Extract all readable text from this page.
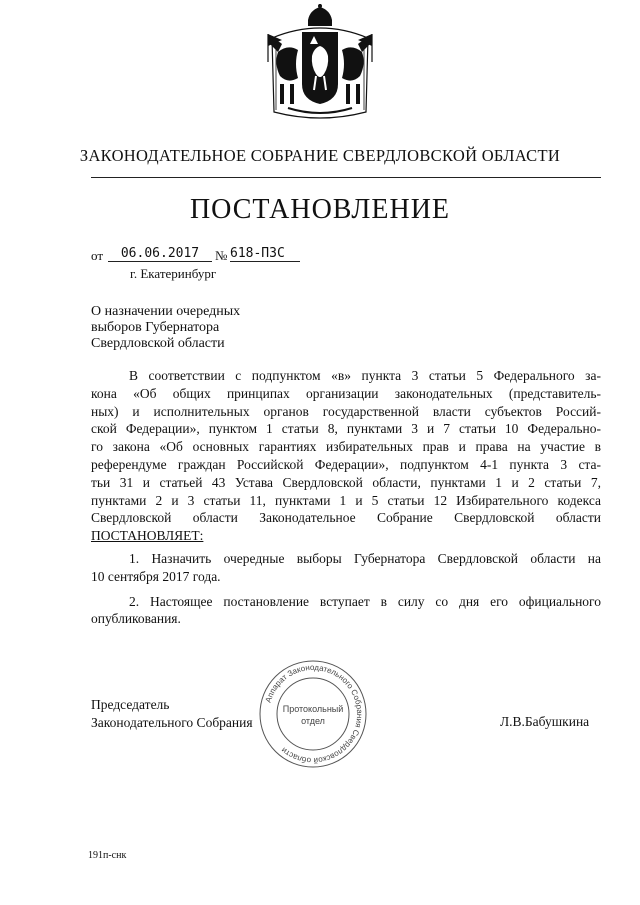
ЗАКОНОДАТЕЛЬНОЕ СОБРАНИЕ СВЕРДЛОВСКОЙ ОБЛАСТИ
ПОСТАНОВЛЕНИЕ
от	06.06.2017	№ 618-ПЗС
г. Екатеринбург
О назначении очередных
выборов Губернатора
Свердловской области
В соответствии с подпунктом «в» пункта 3 статьи 5 Федерального за-
кона «Об общих принципах организации законодательных (представитель-
ных) и исполнительных органов государственной власти субъектов Россий-
ской Федерации», пунктом 1 статьи 8, пунктами 3 и 7 статьи 10 Федерально-
го закона «Об основных гарантиях избирательных прав и права на участие в
референдуме граждан Российской Федерации», подпунктом 4-1 пункта 3 ста-
тьи 31 и статьей 43 Устава Свердловской области, пунктами 1 и 2 статьи 7,
пунктами 2 и 3 статьи 11, пунктами 1 и 5 статьи 12 Избирательного кодекса
Свердловской области Законодательное Собрание Свердловской области
ПОСТАНОВЛЯЕТ:
1. Назначить очередные выборы Губернатора Свердловской области на
10 сентября 2017 года.
2. Настоящее постановление вступает в силу со дня его официального
опубликования.
Аппарат Законодательного Собрания Свердловской области
Протокольный
отдел
Председатель
Законодательного Собрания	Л.В.Бабушкина
191п-снк
